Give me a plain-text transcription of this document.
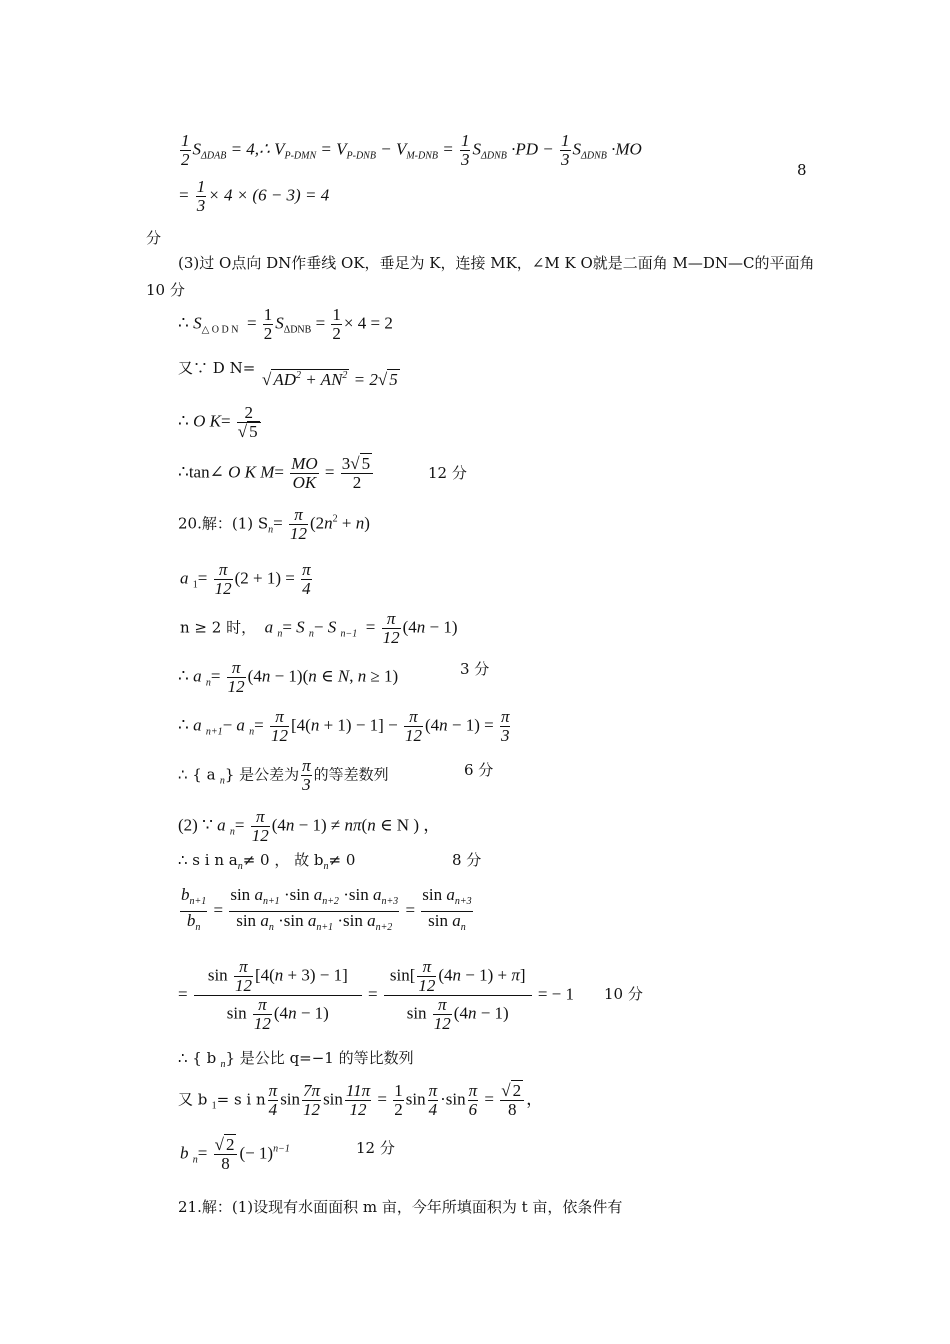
$\frac{1}{2} S_{\Delta DAB}$ = 4,∴ $V_{P-DMN} = V_{P-DNB} - V_{M-DNB} = \frac{1}{3} S_{\Delta DNB} \cdot PD - \frac{1}{3} S_{\Delta DNB} \cdot MO$
8
= $\frac{1}{3} \times 4 \times (6 - 3) = 4$
分
(3)过 O点向 DN作垂线 OK，垂足为 K，连接 MK，∠M K O就是二面角 M—DN—C的平面角
10 分
∴ $S_{\triangle O D N} = \frac{1}{2} S_{\Delta DNB} = \frac{1}{2} \times 4 = 2$
又∵ D N=
√ $AD^2 + AN^2 = 2√$ 5
∴ O $K= \frac{2}{√ 5}$
∴tan∠ O K $M= \frac{MO}{OK} = \frac{3√ 5}{2}$	12 分
20.解：(1) $S_n= \frac{\pi}{12} (2n^2 + n)$
a $_1= \frac{\pi}{12} (2 + 1) = \frac{\pi}{4}$
n ≥ 2 时， a $_n$= S $_n$− S $_{n-1} = \frac{\pi}{12} (4n - 1)$
∴ a $_n= \frac{\pi}{12} (4n - 1)(n$ ∈ N, n ≥ 1)	3 分
∴ a $_{n+1}$− a $_n= \frac{\pi}{12} [4(n + 1) - 1] - \frac{\pi}{12} (4n - 1) = \frac{\pi}{3}$
∴ { a $_n$} 是公差为 $\frac{\pi}{3}$ 的等差数列	6 分
(2) ∵ a $_n= \frac{\pi}{12} (4n - 1) \ne n\pi(n$ ∈ N ) ，
∴ s i n $a_n\ne 0$ ， 故 $b_n\ne 0$	8 分
$\frac{b_{n+1}}{b_n} = \frac{\sin a_{n+1} \cdot\sin a_{n+2} \cdot\sin a_{n+3}}{\sin a_n \cdot\sin a_{n+1} \cdot\sin a_{n+2}} = \frac{\sin a_{n+3}}{\sin a_n}$
= $\frac{\sin \frac{\pi}{12} [4(n + 3) - 1]}{\sin \frac{\pi}{12} (4n - 1)} = \frac{\sin[ \frac{\pi}{12} (4n - 1) + \pi]}{\sin \frac{\pi}{12} (4n - 1)}$ = − 1 10 分
∴ { b $_n$} 是公比 q=−1 的等比数列
又 b $_1$= s i n $\frac{\pi}{4}$ $\sin \frac{7\pi}{12}$ $\sin \frac{11\pi}{12} = \frac{1}{2}$ $\sin \frac{\pi}{4} \cdot\sin \frac{\pi}{6} = \frac{√ 2}{8}$ ，
b $_n= \frac{√ 2}{8}$ (− 1)$^{n-1}$	12 分
21.解：(1)设现有水面面积 m 亩，今年所填面积为 t 亩，依条件有
